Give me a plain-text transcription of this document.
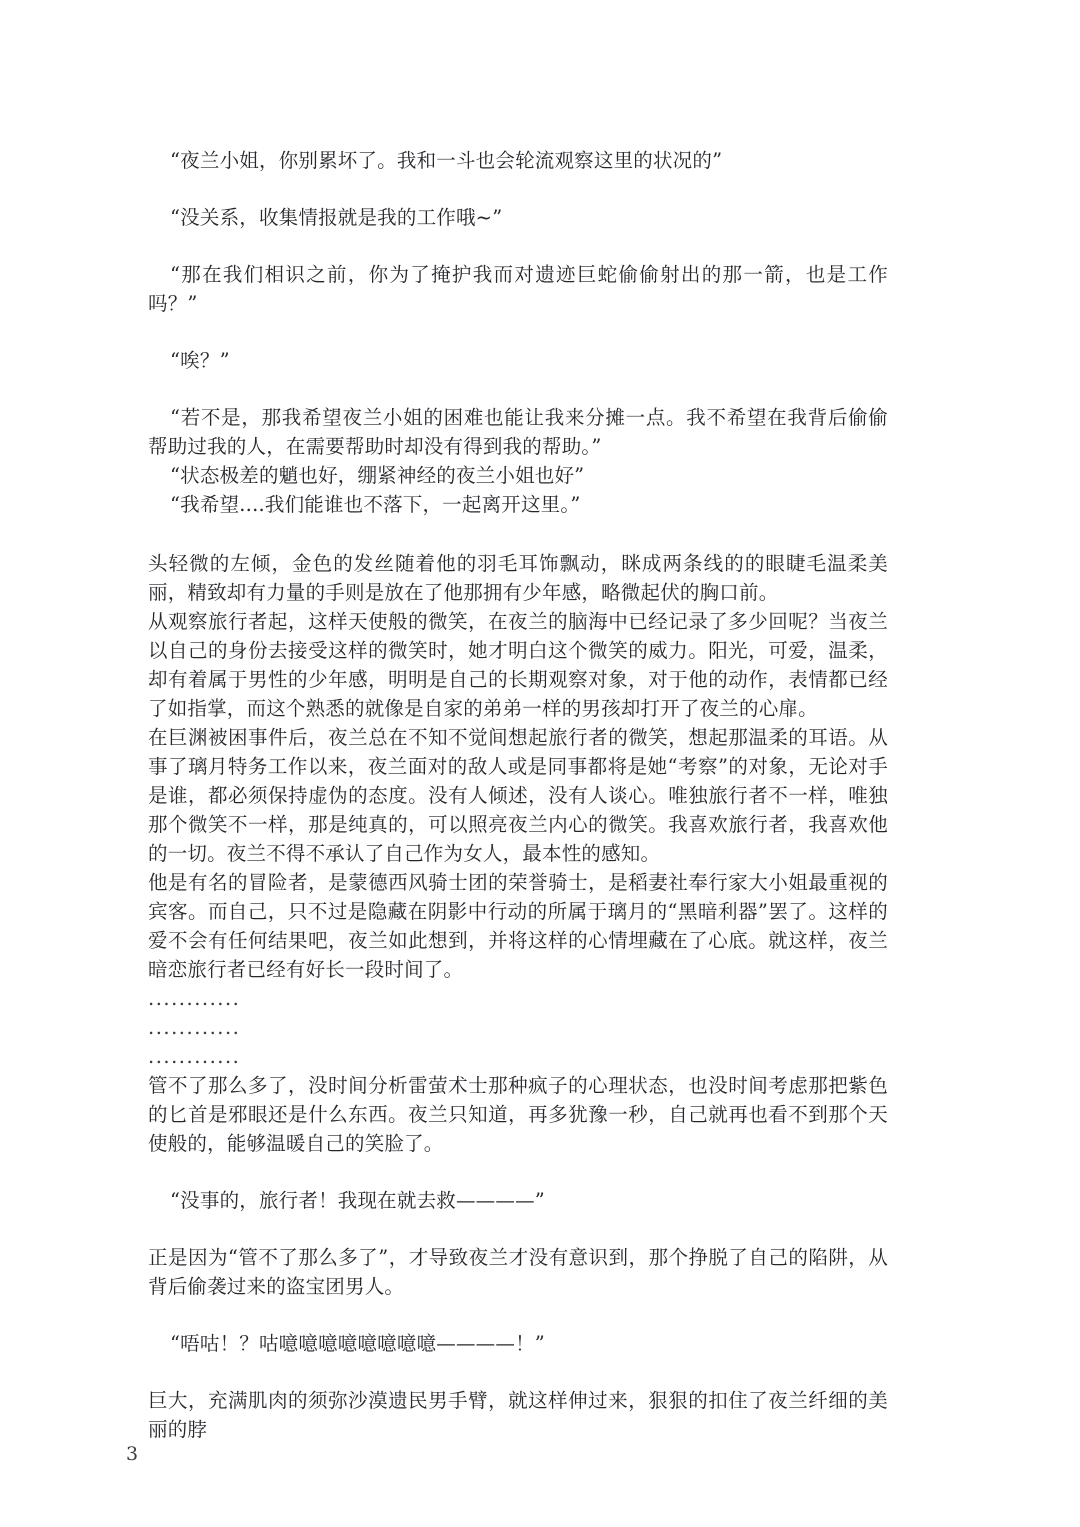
“夜兰小姐，你别累坏了。我和一斗也会轮流观察这里的状况的”

“没关系，收集情报就是我的工作哦~”

“那在我们相识之前，你为了掩护我而对遗迹巨蛇偷偷射出的那一箭，也是工作吗？”

“唉？”

“若不是，那我希望夜兰小姐的困难也能让我来分摊一点。我不希望在我背后偷偷帮助过我的人，在需要帮助时却没有得到我的帮助。”

“状态极差的魈也好，绷紧神经的夜兰小姐也好”

“我希望....我们能谁也不落下，一起离开这里。”

头轻微的左倾，金色的发丝随着他的羽毛耳饰飘动，眯成两条线的的眼睫毛温柔美丽，精致却有力量的手则是放在了他那拥有少年感，略微起伏的胸口前。

从观察旅行者起，这样天使般的微笑，在夜兰的脑海中已经记录了多少回呢？当夜兰以自己的身份去接受这样的微笑时，她才明白这个微笑的威力。阳光，可爱，温柔，却有着属于男性的少年感，明明是自己的长期观察对象，对于他的动作，表情都已经了如指掌，而这个熟悉的就像是自家的弟弟一样的男孩却打开了夜兰的心扉。

在巨渊被困事件后，夜兰总在不知不觉间想起旅行者的微笑，想起那温柔的耳语。从事了璃月特务工作以来，夜兰面对的敌人或是同事都将是她“考察”的对象，无论对手是谁，都必须保持虚伪的态度。没有人倾述，没有人谈心。唯独旅行者不一样，唯独那个微笑不一样，那是纯真的，可以照亮夜兰内心的微笑。我喜欢旅行者，我喜欢他的一切。夜兰不得不承认了自己作为女人，最本性的感知。

他是有名的冒险者，是蒙德西风骑士团的荣誉骑士，是稻妻社奉行家大小姐最重视的宾客。而自己，只不过是隐藏在阴影中行动的所属于璃月的“黑暗利器”罢了。这样的爱不会有任何结果吧，夜兰如此想到，并将这样的心情埋藏在了心底。就这样，夜兰暗恋旅行者已经有好长一段时间了。

............

............

............

管不了那么多了，没时间分析雷萤术士那种疯子的心理状态，也没时间考虑那把紫色的匕首是邪眼还是什么东西。夜兰只知道，再多犹豫一秒，自己就再也看不到那个天使般的，能够温暖自己的笑脸了。

“没事的，旅行者！我现在就去救————”

正是因为“管不了那么多了”，才导致夜兰才没有意识到，那个挣脱了自己的陷阱，从背后偷袭过来的盗宝团男人。

“唔咕！？咕噫噫噫噫噫噫噫噫————！”

巨大，充满肌肉的须弥沙漠遗民男手臂，就这样伸过来，狠狠的扣住了夜兰纤细的美丽的脖

3
